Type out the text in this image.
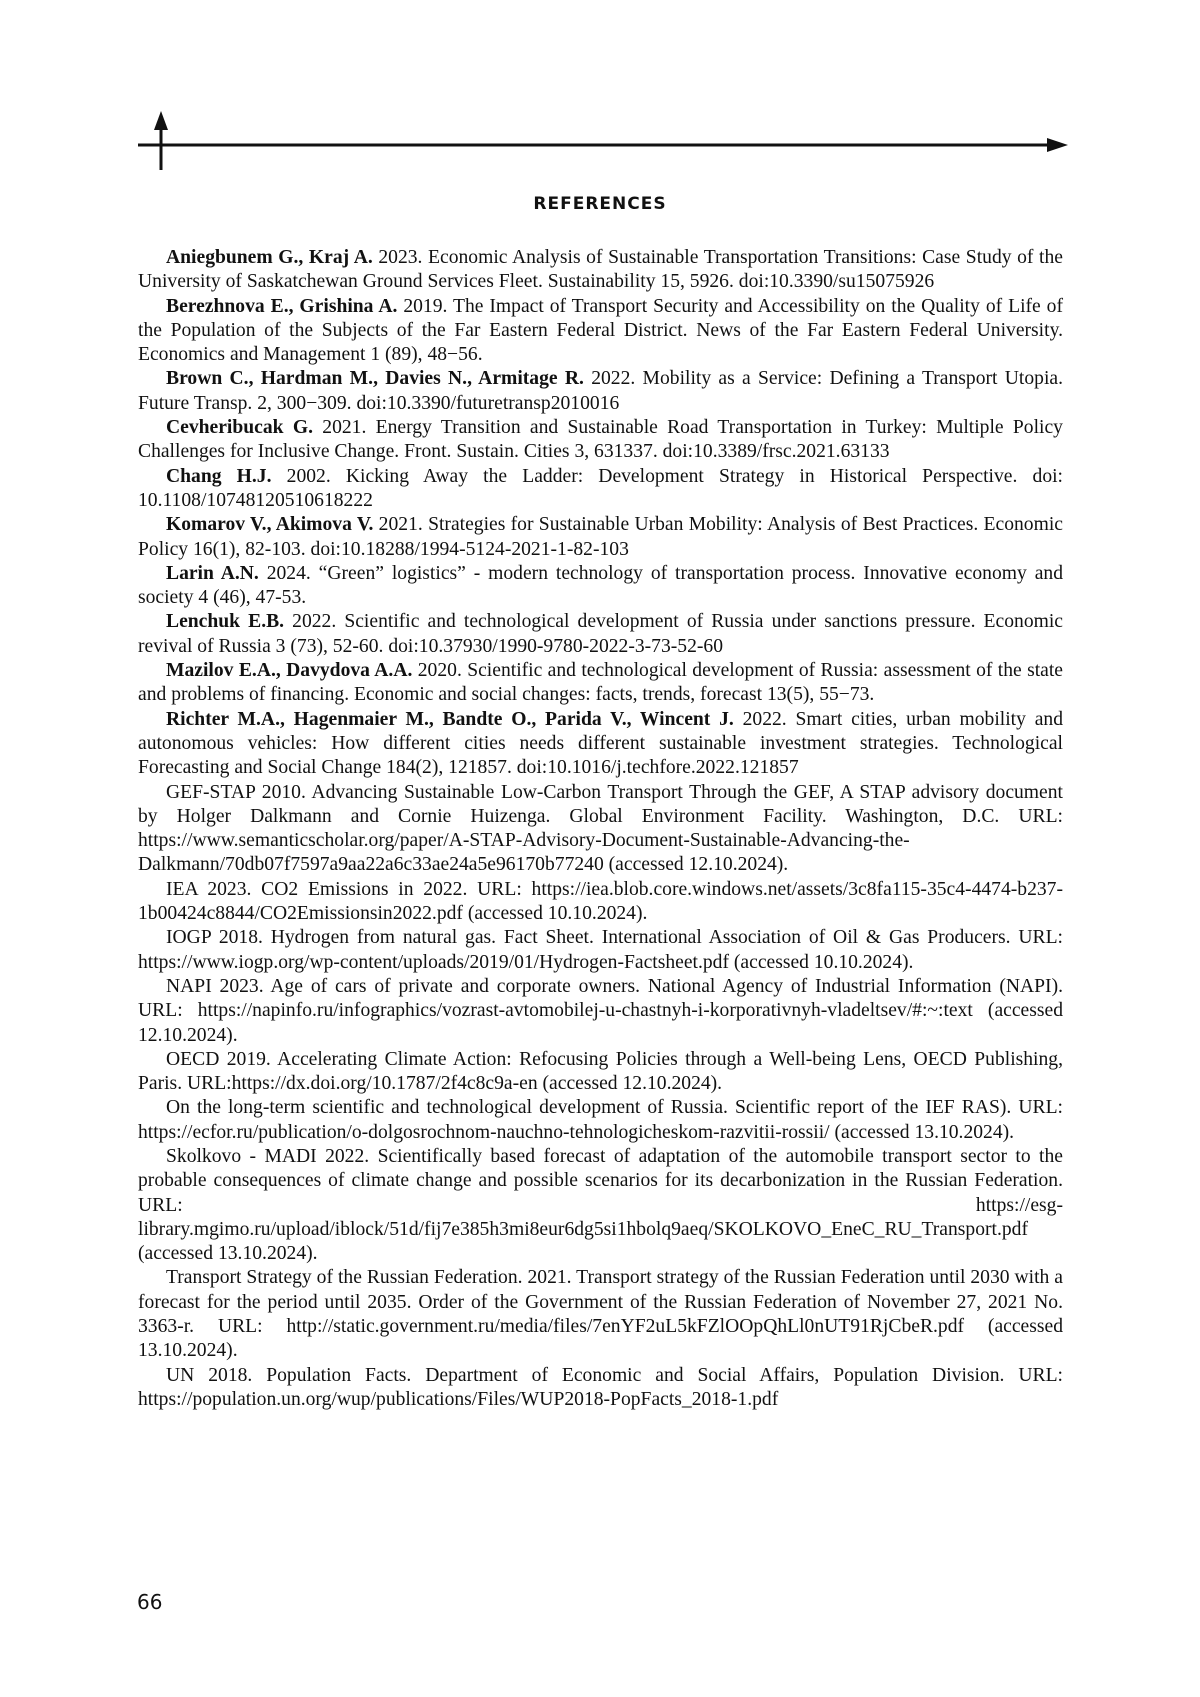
REFERENCES

Aniegbunem G., Kraj A. 2023. Economic Analysis of Sustainable Transportation Transitions: Case Study of the University of Saskatchewan Ground Services Fleet. Sustainability 15, 5926. doi:10.3390/su15075926

Berezhnova E., Grishina A. 2019. The Impact of Transport Security and Accessibility on the Quality of Life of the Population of the Subjects of the Far Eastern Federal District. News of the Far Eastern Federal University. Economics and Management 1 (89), 48−56.

Brown C., Hardman M., Davies N., Armitage R. 2022. Mobility as a Service: Defining a Transport Utopia. Future Transp. 2, 300−309. doi:10.3390/futuretransp2010016

Cevheribucak G. 2021. Energy Transition and Sustainable Road Transportation in Turkey: Multiple Policy Challenges for Inclusive Change. Front. Sustain. Cities 3, 631337. doi:10.3389/frsc.2021.63133

Chang H.J. 2002. Kicking Away the Ladder: Development Strategy in Historical Perspective. doi: 10.1108/10748120510618222

Komarov V., Akimova V. 2021. Strategies for Sustainable Urban Mobility: Analysis of Best Practices. Economic Policy 16(1), 82-103. doi:10.18288/1994-5124-2021-1-82-103

Larin A.N. 2024. “Green” logistics” - modern technology of transportation process. Innovative economy and society 4 (46), 47-53.

Lenchuk E.B. 2022. Scientific and technological development of Russia under sanctions pressure. Economic revival of Russia 3 (73), 52-60. doi:10.37930/1990-9780-2022-3-73-52-60

Mazilov E.A., Davydova A.A. 2020. Scientific and technological development of Russia: assessment of the state and problems of financing. Economic and social changes: facts, trends, forecast 13(5), 55−73.

Richter M.A., Hagenmaier M., Bandte O., Parida V., Wincent J. 2022. Smart cities, urban mobility and autonomous vehicles: How different cities needs different sustainable investment strategies. Technological Forecasting and Social Change 184(2), 121857. doi:10.1016/j.techfore.2022.121857

GEF-STAP 2010. Advancing Sustainable Low-Carbon Transport Through the GEF, A STAP advisory document by Holger Dalkmann and Cornie Huizenga. Global Environment Facility. Washington, D.C. URL: https://www.semanticscholar.org/paper/A-STAP-Advisory-Document-Sustainable-Advancing-the-Dalkmann/70db07f7597a9aa22a6c33ae24a5e96170b77240 (accessed 12.10.2024).

IEA 2023. CO2 Emissions in 2022. URL: https://iea.blob.core.windows.net/assets/3c8fa115-35c4-4474-b237-1b00424c8844/CO2Emissionsin2022.pdf (accessed 10.10.2024).

IOGP 2018. Hydrogen from natural gas. Fact Sheet. International Association of Oil & Gas Producers. URL: https://www.iogp.org/wp-content/uploads/2019/01/Hydrogen-Factsheet.pdf (accessed 10.10.2024).

NAPI 2023. Age of cars of private and corporate owners. National Agency of Industrial Information (NAPI). URL: https://napinfo.ru/infographics/vozrast-avtomobilej-u-chastnyh-i-korporativnyh-vladeltsev/#:~:text (accessed 12.10.2024).

OECD 2019. Accelerating Climate Action: Refocusing Policies through a Well-being Lens, OECD Publishing, Paris. URL:https://dx.doi.org/10.1787/2f4c8c9a-en (accessed 12.10.2024).

On the long-term scientific and technological development of Russia. Scientific report of the IEF RAS). URL: https://ecfor.ru/publication/o-dolgosrochnom-nauchno-tehnologicheskom-razvitii-rossii/ (accessed 13.10.2024).

Skolkovo - MADI 2022. Scientifically based forecast of adaptation of the automobile transport sector to the probable consequences of climate change and possible scenarios for its decarbonization in the Russian Federation. URL: https://esg-library.mgimo.ru/upload/iblock/51d/fij7e385h3mi8eur6dg5si1hbolq9aeq/SKOLKOVO_EneC_RU_Transport.pdf (accessed 13.10.2024).

Transport Strategy of the Russian Federation. 2021. Transport strategy of the Russian Federation until 2030 with a forecast for the period until 2035. Order of the Government of the Russian Federation of November 27, 2021 No. 3363-r. URL: http://static.government.ru/media/files/7enYF2uL5kFZlOOpQhLl0nUT91RjCbeR.pdf (accessed 13.10.2024).

UN 2018. Population Facts. Department of Economic and Social Affairs, Population Division. URL: https://population.un.org/wup/publications/Files/WUP2018-PopFacts_2018-1.pdf

66
